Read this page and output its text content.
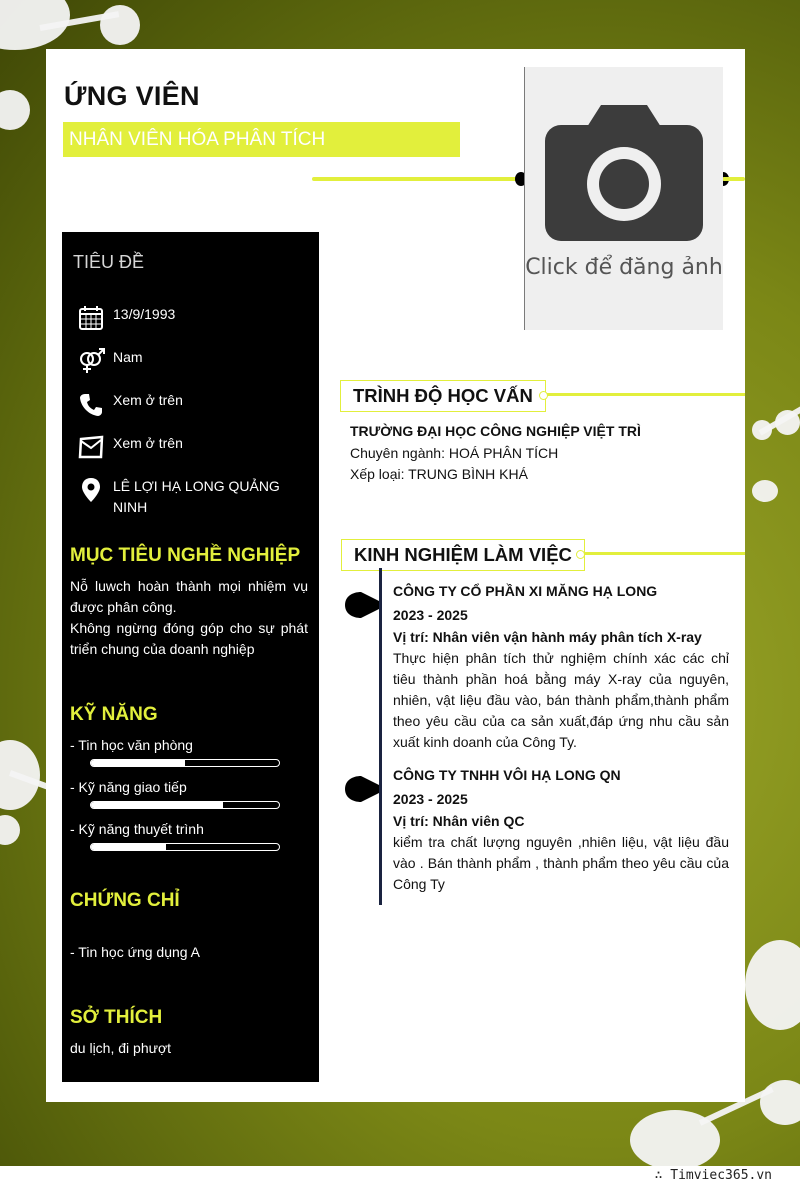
ỨNG VIÊN
NHÂN VIÊN HÓA PHÂN TÍCH
Click để đăng ảnh
TIÊU ĐỀ
13/9/1993
Nam
Xem ở trên
Xem ở trên
LÊ LỢI HẠ LONG QUẢNG NINH
MỤC TIÊU NGHỀ NGHIỆP
Nỗ luwch hoàn thành mọi nhiệm vụ được phân công.
Không ngừng đóng góp cho sự phát triển chung của doanh nghiệp
KỸ NĂNG
- Tin học văn phòng
- Kỹ năng giao tiếp
- Kỹ năng thuyết trình
CHỨNG CHỈ
- Tin học ứng dụng A
SỞ THÍCH
du lịch, đi phượt
TRÌNH ĐỘ HỌC VẤN
TRƯỜNG ĐẠI HỌC CÔNG NGHIỆP VIỆT TRÌ
Chuyên ngành: HOÁ PHÂN TÍCH
Xếp loại: TRUNG BÌNH KHÁ
KINH NGHIỆM LÀM VIỆC
CÔNG TY CỔ PHẦN XI MĂNG HẠ LONG
2023 - 2025
Vị trí: Nhân viên vận hành máy phân tích X-ray
Thực hiện phân tích thử nghiệm chính xác các chỉ tiêu thành phần hoá bằng máy X-ray của nguyên, nhiên, vật liệu đầu vào, bán thành phẩm,thành phẩm theo yêu cầu của ca sản xuất,đáp ứng nhu cầu sản xuất kinh doanh của Công Ty.
CÔNG TY TNHH VÔI HẠ LONG QN
2023 - 2025
Vị trí: Nhân viên QC
kiểm tra chất lượng nguyên ,nhiên liệu, vật liệu đầu vào . Bán thành phẩm , thành phẩm theo yêu cầu của Công Ty
∴ Timviec365.vn
